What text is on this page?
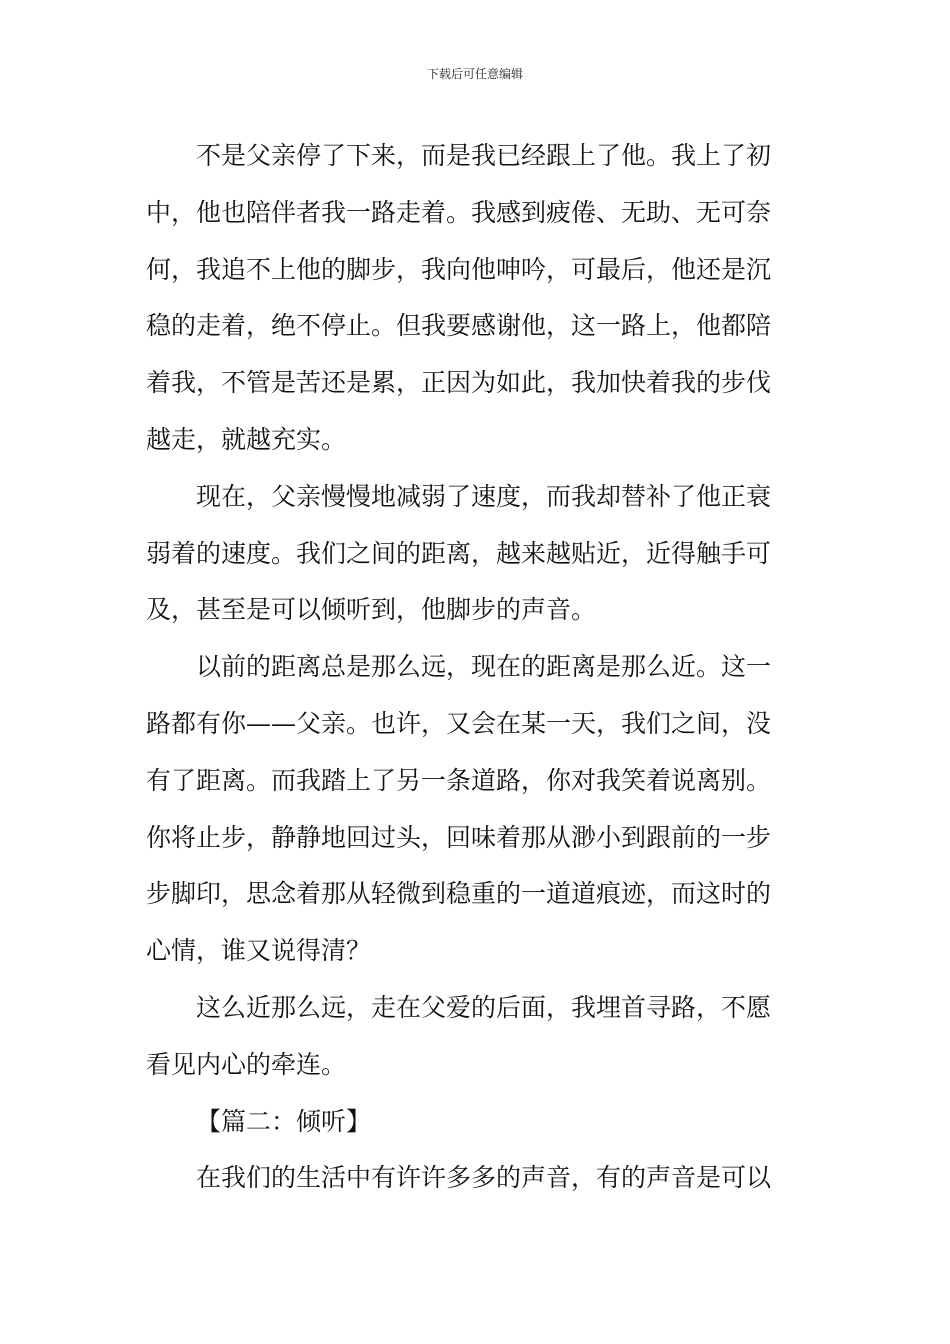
下载后可任意编辑
不是父亲停了下来，而是我已经跟上了他。我上了初
中，他也陪伴者我一路走着。我感到疲倦、无助、无可奈
何，我追不上他的脚步，我向他呻吟，可最后，他还是沉
稳的走着，绝不停止。但我要感谢他，这一路上，他都陪
着我，不管是苦还是累，正因为如此，我加快着我的步伐
越走，就越充实。
现在，父亲慢慢地减弱了速度，而我却替补了他正衰
弱着的速度。我们之间的距离，越来越贴近，近得触手可
及，甚至是可以倾听到，他脚步的声音。
以前的距离总是那么远，现在的距离是那么近。这一
路都有你——父亲。也许，又会在某一天，我们之间，没
有了距离。而我踏上了另一条道路，你对我笑着说离别。
你将止步，静静地回过头，回味着那从渺小到跟前的一步
步脚印，思念着那从轻微到稳重的一道道痕迹，而这时的
心情，谁又说得清？
这么近那么远，走在父爱的后面，我埋首寻路，不愿
看见内心的牵连。
【篇二：倾听】
在我们的生活中有许许多多的声音，有的声音是可以
